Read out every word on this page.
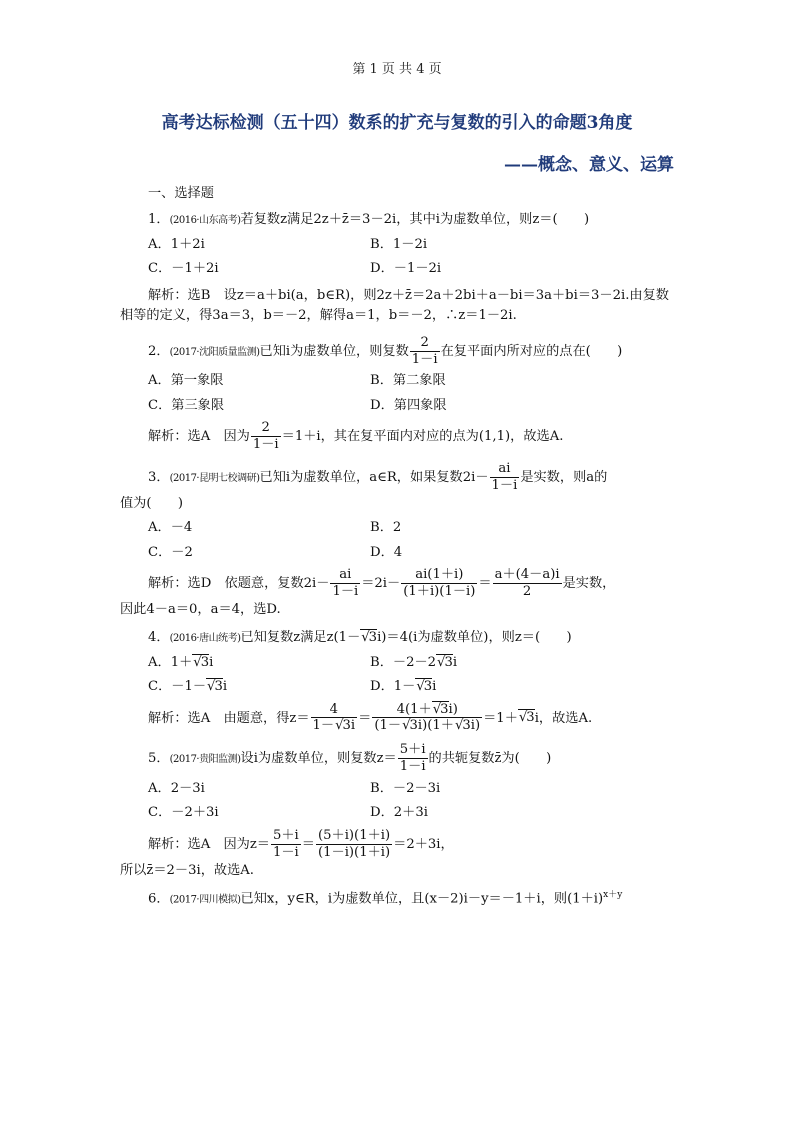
第 1 页 共 4 页
高考达标检测（五十四）数系的扩充与复数的引入的命题3角度
——概念、意义、运算
一、选择题
1．(2016·山东高考)若复数z满足2z＋z̄＝3－2i，其中i为虚数单位，则z＝(　　)
A．1＋2i	B．1－2i
C．－1＋2i	D．－1－2i
解析：选B　设z＝a＋bi(a，b∈R)，则2z＋z̄＝2a＋2bi＋a－bi＝3a＋bi＝3－2i.由复数
相等的定义，得3a＝3，b＝－2，解得a＝1，b＝－2，∴z＝1－2i.
2．(2017·沈阳质量监测)已知i为虚数单位，则复数 $\frac{2}{1-i}$ 在复平面内所对应的点在(　　)
A．第一象限	B．第二象限
C．第三象限	D．第四象限
解析：选A　因为 $\frac{2}{1-i} =1+i$，其在复平面内对应的点为(1,1)，故选A.
3．(2017·昆明七校调研)已知i为虚数单位，a∈R，如果复数$2i- \frac{ai}{1-i}$ 是实数，则a的
值为(　　)
A．－4	B．2
C．－2	D．4
解析：选D　依题意，复数$2i- \frac{ai}{1-i} =2i- \frac{ai(1+i)}{(1+i)(1-i)} = \frac{a+(4-a)i}{2}$ 是实数，
因此4－a＝0，a＝4，选D.
4．(2016·唐山统考)已知复数z满足z(1－√ 3i)＝4(i为虚数单位)，则z＝(　　)
A．1＋√ 3i	B．－2－2√ 3i
C．－1－√ 3i	D．1－√ 3i
解析：选A　由题意，得$z= \frac{4}{1-√ 3i} = \frac{4(1+√ 3i)}{(1-√ 3i)(1+√ 3i)} =1+√$ 3i，故选A.
5．(2017·贵阳监测)设i为虚数单位，则复数$z= \frac{5+i}{1-i}$ 的共轭复数z̄为(　　)
A．2－3i	B．－2－3i
C．－2＋3i	D．2＋3i
解析：选A　因为$z= \frac{5+i}{1-i} = \frac{(5+i)(1+i)}{(1-i)(1+i)} =2+3i$，
所以z̄＝2－3i，故选A.
6．(2017·四川模拟)已知x，y∈R，i为虚数单位，且(x－2)i－y＝－1＋i，则$(1+i)^{x+y}$
